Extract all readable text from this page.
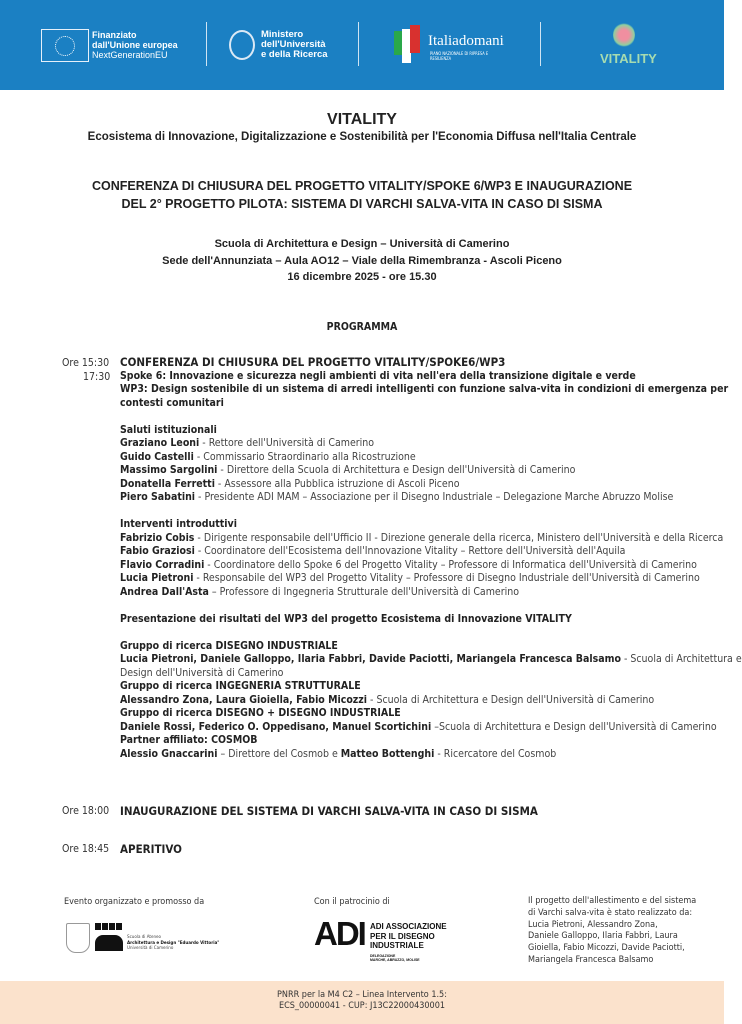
Finanziato
dall'Unione europea
NextGenerationEU
Ministero
dell'Università
e della Ricerca
Italiadomani
PIANO NAZIONALE DI RIPRESA E RESILIENZA	VITALITY
VITALITY
Ecosistema di Innovazione, Digitalizzazione e Sostenibilità per l'Economia Diffusa nell'Italia Centrale
CONFERENZA DI CHIUSURA DEL PROGETTO VITALITY/SPOKE 6/WP3 E INAUGURAZIONE
DEL 2° PROGETTO PILOTA: SISTEMA DI VARCHI SALVA-VITA IN CASO DI SISMA
Scuola di Architettura e Design – Università di Camerino
Sede dell'Annunziata – Aula AO12 – Viale della Rimembranza - Ascoli Piceno
16 dicembre 2025 - ore 15.30
PROGRAMMA
Ore 15:30
17:30
CONFERENZA DI CHIUSURA DEL PROGETTO VITALITY/SPOKE6/WP3
Spoke 6: Innovazione e sicurezza negli ambienti di vita nell'era della transizione digitale e verde
WP3: Design sostenibile di un sistema di arredi intelligenti con funzione salva-vita in condizioni di emergenza per
contesti comunitari
Saluti istituzionali
Graziano Leoni - Rettore dell'Università di Camerino
Guido Castelli - Commissario Straordinario alla Ricostruzione
Massimo Sargolini - Direttore della Scuola di Architettura e Design dell'Università di Camerino
Donatella Ferretti - Assessore alla Pubblica istruzione di Ascoli Piceno
Piero Sabatini - Presidente ADI MAM – Associazione per il Disegno Industriale – Delegazione Marche Abruzzo Molise
Interventi introduttivi
Fabrizio Cobis - Dirigente responsabile dell'Ufficio II - Direzione generale della ricerca, Ministero dell'Università e della Ricerca
Fabio Graziosi - Coordinatore dell'Ecosistema dell'Innovazione Vitality – Rettore dell'Università dell'Aquila
Flavio Corradini - Coordinatore dello Spoke 6 del Progetto Vitality – Professore di Informatica dell'Università di Camerino
Lucia Pietroni - Responsabile del WP3 del Progetto Vitality – Professore di Disegno Industriale dell'Università di Camerino
Andrea Dall'Asta – Professore di Ingegneria Strutturale dell'Università di Camerino
Presentazione dei risultati del WP3 del progetto Ecosistema di Innovazione VITALITY
Gruppo di ricerca DISEGNO INDUSTRIALE
Lucia Pietroni, Daniele Galloppo, Ilaria Fabbri, Davide Paciotti, Mariangela Francesca Balsamo - Scuola di Architettura e
Design dell'Università di Camerino
Gruppo di ricerca INGEGNERIA STRUTTURALE
Alessandro Zona, Laura Gioiella, Fabio Micozzi - Scuola di Architettura e Design dell'Università di Camerino
Gruppo di ricerca DISEGNO + DISEGNO INDUSTRIALE
Daniele Rossi, Federico O. Oppedisano, Manuel Scortichini –Scuola di Architettura e Design dell'Università di Camerino
Partner affiliato: COSMOB
Alessio Gnaccarini – Direttore del Cosmob e Matteo Bottenghi - Ricercatore del Cosmob
Ore 18:00 INAUGURAZIONE DEL SISTEMA DI VARCHI SALVA-VITA IN CASO DI SISMA
Ore 18:45 APERITIVO
Evento organizzato e promosso da
Scuola di Ateneo
Architettura e Design "Eduardo Vittoria"
Università di Camerino
Con il patrocinio di
ADI ADI ASSOCIAZIONE
PER IL DISEGNO
INDUSTRIALE
DELEGAZIONE
MARCHE, ABRUZZO, MOLISE
Il progetto dell'allestimento e del sistema
di Varchi salva-vita è stato realizzato da:
Lucia Pietroni, Alessandro Zona,
Daniele Galloppo, Ilaria Fabbri, Laura
Gioiella, Fabio Micozzi, Davide Paciotti,
Mariangela Francesca Balsamo
PNRR per la M4 C2 – Linea Intervento 1.5:
ECS_00000041 - CUP: J13C22000430001
